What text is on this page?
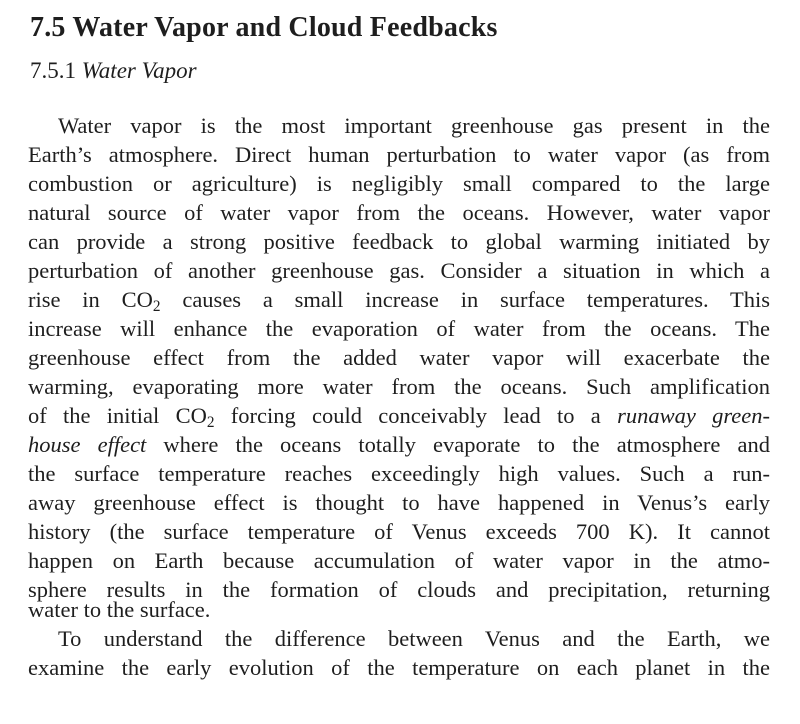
7.5 Water Vapor and Cloud Feedbacks
7.5.1 Water Vapor
Water vapor is the most important greenhouse gas present in the
Earth’s atmosphere. Direct human perturbation to water vapor (as from
combustion or agriculture) is negligibly small compared to the large
natural source of water vapor from the oceans. However, water vapor
can provide a strong positive feedback to global warming initiated by
perturbation of another greenhouse gas. Consider a situation in which a
rise in $CO_2$ causes a small increase in surface temperatures. This
increase will enhance the evaporation of water from the oceans. The
greenhouse effect from the added water vapor will exacerbate the
warming, evaporating more water from the oceans. Such amplification
of the initial $CO_2$ forcing could conceivably lead to a runaway green-
house effect where the oceans totally evaporate to the atmosphere and
the surface temperature reaches exceedingly high values. Such a run-
away greenhouse effect is thought to have happened in Venus’s early
history (the surface temperature of Venus exceeds 700 K). It cannot
happen on Earth because accumulation of water vapor in the atmo-
sphere results in the formation of clouds and precipitation, returning
water to the surface.
To understand the difference between Venus and the Earth, we
examine the early evolution of the temperature on each planet in the
